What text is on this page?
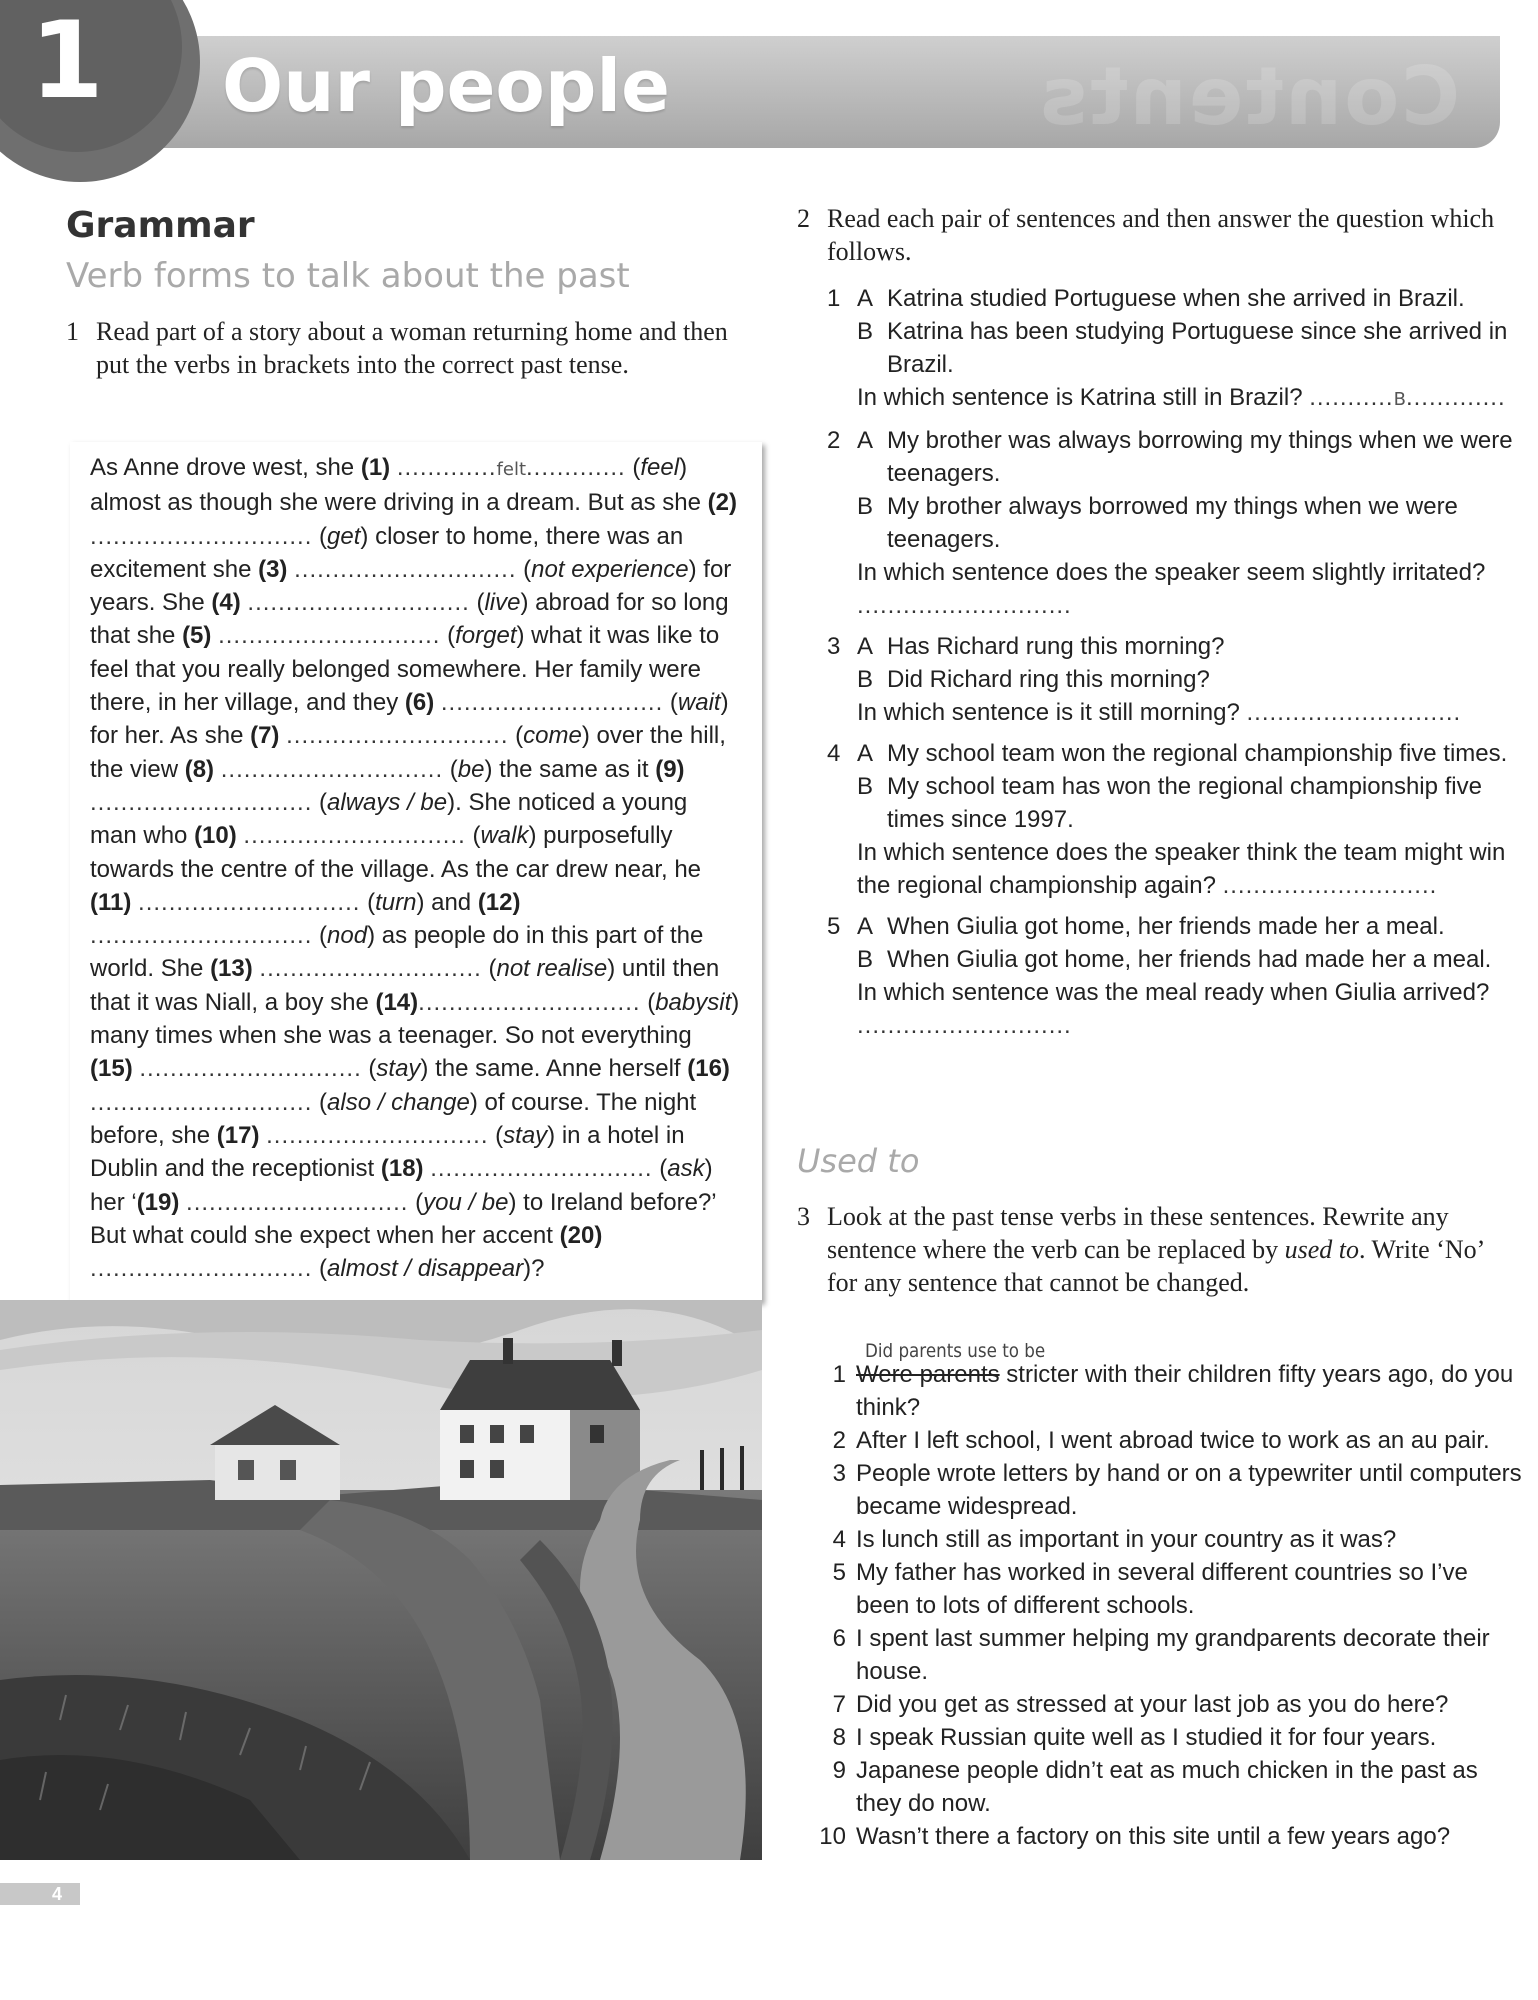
Contents
1 Our people
Grammar
Verb forms to talk about the past
1 Read part of a story about a woman returning home and then put the verbs in brackets into the correct past tense.
As Anne drove west, she (1) .............felt............. (feel) almost as though she were driving in a dream. But as she (2) ............................. (get) closer to home, there was an excitement she (3) ............................. (not experience) for years. She (4) ............................. (live) abroad for so long that she (5) ............................. (forget) what it was like to feel that you really belonged somewhere. Her family were there, in her village, and they (6) ............................. (wait) for her. As she (7) ............................. (come) over the hill, the view (8) ............................. (be) the same as it (9) ............................. (always / be). She noticed a young man who (10) ............................. (walk) purposefully towards the centre of the village. As the car drew near, he (11) ............................. (turn) and (12) ............................. (nod) as people do in this part of the world. She (13) ............................. (not realise) until then that it was Niall, a boy she (14)............................. (babysit) many times when she was a teenager. So not everything (15) ............................. (stay) the same. Anne herself (16) ............................. (also / change) of course. The night before, she (17) ............................. (stay) in a hotel in Dublin and the receptionist (18) ............................. (ask) her ‘(19) ............................. (you / be) to Ireland before?’ But what could she expect when her accent (20) ............................. (almost / disappear)?
4
2 Read each pair of sentences and then answer the question which follows.
1 A Katrina studied Portuguese when she arrived in Brazil.
B Katrina has been studying Portuguese since she arrived in Brazil.
In which sentence is Katrina still in Brazil? ...........B.............
2 A My brother was always borrowing my things when we were teenagers.
B My brother always borrowed my things when we were teenagers.
In which sentence does the speaker seem slightly irritated? ............................
3 A Has Richard rung this morning?
B Did Richard ring this morning?
In which sentence is it still morning? ............................
4 A My school team won the regional championship five times.
B My school team has won the regional championship five times since 1997.
In which sentence does the speaker think the team might win the regional championship again? ............................
5 A When Giulia got home, her friends made her a meal.
B When Giulia got home, her friends had made her a meal.
In which sentence was the meal ready when Giulia arrived? ............................
Used to
3 Look at the past tense verbs in these sentences. Rewrite any sentence where the verb can be replaced by used to. Write ‘No’ for any sentence that cannot be changed.
Did parents use to be
1 Were parents stricter with their children fifty years ago, do you think?
2 After I left school, I went abroad twice to work as an au pair.
3 People wrote letters by hand or on a typewriter until computers became widespread.
4 Is lunch still as important in your country as it was?
5 My father has worked in several different countries so I’ve been to lots of different schools.
6 I spent last summer helping my grandparents decorate their house.
7 Did you get as stressed at your last job as you do here?
8 I speak Russian quite well as I studied it for four years.
9 Japanese people didn’t eat as much chicken in the past as they do now.
10 Wasn’t there a factory on this site until a few years ago?
